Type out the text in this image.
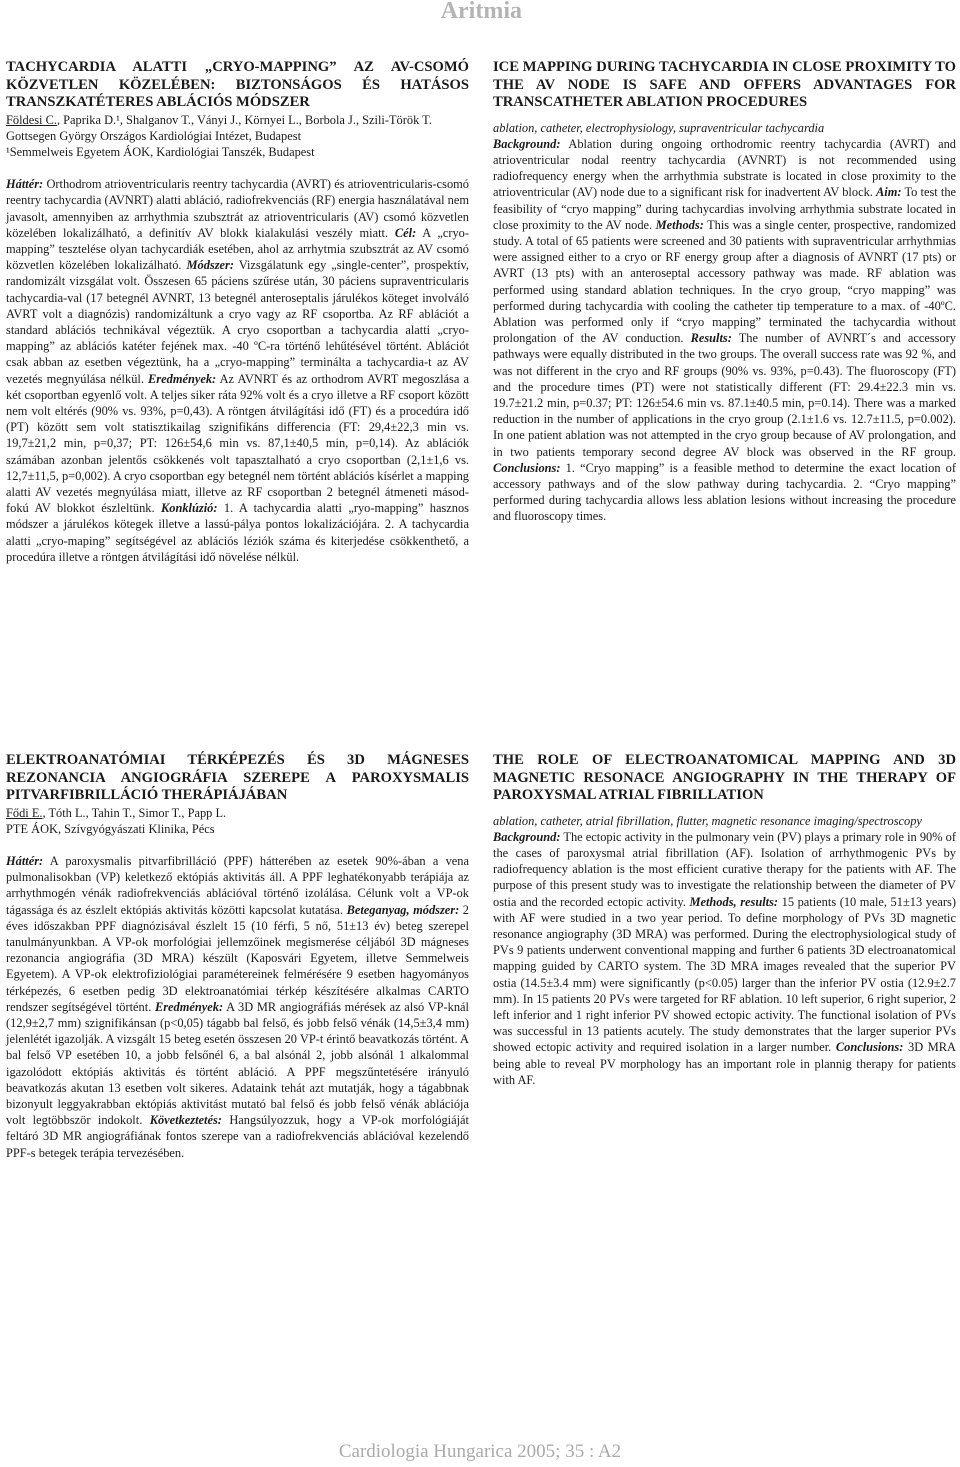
Aritmia

TACHYCARDIA ALATTI „CRYO-MAPPING” AZ AV-CSOMÓ KÖZVETLEN KÖZELÉBEN: BIZTONSÁGOS ÉS HATÁSOS TRANSZKATÉTERES ABLÁCIÓS MÓDSZER

Földesi C., Paprika D.¹, Shalganov T., Ványi J., Környei L., Borbola J., Szili-Török T.

Gottsegen György Országos Kardiológiai Intézet, Budapest

¹Semmelweis Egyetem ÁOK, Kardiológiai Tanszék, Budapest

Háttér: Orthodrom atrioventricularis reentry tachycardia (AVRT) és atrioventricularis-csomó reentry tachycardia (AVNRT) alatti abláció, radiofrekvenciás (RF) energia használatával nem javasolt, amennyiben az arrhythmia szubsztrát az atrioventricularis (AV) csomó közvetlen közelében lokalizálható, a definitív AV blokk kialakulási veszély miatt. Cél: A „cryo-mapping” tesztelése olyan tachycardiák esetében, ahol az arrhytmia szubsztrát az AV csomó közvetlen közelében lokalizálható. Módszer: Vizsgálatunk egy „single-center”, prospektív, randomizált vizsgálat volt. Összesen 65 páciens szűrése után, 30 páciens supraventricularis tachycardia-val (17 betegnél AVNRT, 13 betegnél anteroseptalis járulékos köteget involváló AVRT volt a diagnózis) randomizáltunk a cryo vagy az RF csoportba. Az RF ablációt a standard ablációs technikával végeztük. A cryo csoportban a tachycardia alatti „cryo-mapping” az ablációs katéter fejének max. -40 ºC-ra történő lehűtésével történt. Ablációt csak abban az esetben végeztünk, ha a „cryo-mapping” terminálta a tachycardia-t az AV vezetés megnyúlása nélkül. Eredmények: Az AVNRT és az orthodrom AVRT megoszlása a két csoportban egyenlő volt. A teljes siker ráta 92% volt és a cryo illetve a RF csoport között nem volt eltérés (90% vs. 93%, p=0,43). A röntgen átvilágítási idő (FT) és a procedúra idő (PT) között sem volt statisztikailag szignifikáns differencia (FT: 29,4±22,3 min vs. 19,7±21,2 min, p=0,37; PT: 126±54,6 min vs. 87,1±40,5 min, p=0,14). Az ablációk számában azonban jelentős csökkenés volt tapasztalható a cryo csoportban (2,1±1,6 vs. 12,7±11,5, p=0,002). A cryo csoportban egy betegnél nem történt ablációs kísérlet a mapping alatti AV vezetés megnyúlása miatt, illetve az RF csoportban 2 betegnél átmeneti másod-fokú AV blokkot észleltünk. Konklúzió: 1. A tachycardia alatti „ryo-mapping” hasznos módszer a járulékos kötegek illetve a lassú-pálya pontos lokalizációjára. 2. A tachycardia alatti „cryo-maping” segítségével az ablációs léziók száma és kiterjedése csökkenthető, a procedúra illetve a röntgen átvilágítási idő növelése nélkül.

ICE MAPPING DURING TACHYCARDIA IN CLOSE PROXIMITY TO THE AV NODE IS SAFE AND OFFERS ADVANTAGES FOR TRANSCATHETER ABLATION PROCEDURES

ablation, catheter, electrophysiology, supraventricular tachycardia

Background: Ablation during ongoing orthodromic reentry tachycardia (AVRT) and atrioventricular nodal reentry tachycardia (AVNRT) is not recommended using radiofrequency energy when the arrhythmia substrate is located in close proximity to the atrioventricular (AV) node due to a significant risk for inadvertent AV block. Aim: To test the feasibility of “cryo mapping” during tachycardias involving arrhythmia substrate located in close proximity to the AV node. Methods: This was a single center, prospective, randomized study. A total of 65 patients were screened and 30 patients with supraventricular arrhythmias were assigned either to a cryo or RF energy group after a diagnosis of AVNRT (17 pts) or AVRT (13 pts) with an anteroseptal accessory pathway was made. RF ablation was performed using standard ablation techniques. In the cryo group, “cryo mapping” was performed during tachycardia with cooling the catheter tip temperature to a max. of -40ºC. Ablation was performed only if “cryo mapping” terminated the tachycardia without prolongation of the AV conduction. Results: The number of AVNRT´s and accessory pathways were equally distributed in the two groups. The overall success rate was 92 %, and was not different in the cryo and RF groups (90% vs. 93%, p=0.43). The fluoroscopy (FT) and the procedure times (PT) were not statistically different (FT: 29.4±22.3 min vs. 19.7±21.2 min, p=0.37; PT: 126±54.6 min vs. 87.1±40.5 min, p=0.14). There was a marked reduction in the number of applications in the cryo group (2.1±1.6 vs. 12.7±11.5, p=0.002). In one patient ablation was not attempted in the cryo group because of AV prolongation, and in two patients temporary second degree AV block was observed in the RF group. Conclusions: 1. “Cryo mapping” is a feasible method to determine the exact location of accessory pathways and of the slow pathway during tachycardia. 2. “Cryo mapping” performed during tachycardia allows less ablation lesions without increasing the procedure and fluoroscopy times.

ELEKTROANATÓMIAI TÉRKÉPEZÉS ÉS 3D MÁGNESES REZONANCIA ANGIOGRÁFIA SZEREPE A PAROXYSMALIS PITVARFIBRILLÁCIÓ THERÁPIÁJÁBAN

Fődi E., Tóth L., Tahin T., Simor T., Papp L.

PTE ÁOK, Szívgyógyászati Klinika, Pécs

Háttér: A paroxysmalis pitvarfibrilláció (PPF) hátterében az esetek 90%-ában a vena pulmonalisokban (VP) keletkező ektópiás aktivitás áll. A PPF leghatékonyabb terápiája az arrhythmogén vénák radiofrekvenciás ablációval történő izolálása. Célunk volt a VP-ok tágassága és az észlelt ektópiás aktivitás közötti kapcsolat kutatása. Beteganyag, módszer: 2 éves időszakban PPF diagnózisával észlelt 15 (10 férfi, 5 nő, 51±13 év) beteg szerepel tanulmányunkban. A VP-ok morfológiai jellemzőinek megismerése céljából 3D mágneses rezonancia angiográfia (3D MRA) készült (Kaposvári Egyetem, illetve Semmelweis Egyetem). A VP-ok elektrofiziológiai paramétereinek felmérésére 9 esetben hagyományos térképezés, 6 esetben pedig 3D elektroanatómiai térkép készítésére alkalmas CARTO rendszer segítségével történt. Eredmények: A 3D MR angiográfiás mérések az alsó VP-knál (12,9±2,7 mm) szignifikánsan (p<0,05) tágabb bal felső, és jobb felső vénák (14,5±3,4 mm) jelenlétét igazolják. A vizsgált 15 beteg esetén összesen 20 VP-t érintő beavatkozás történt. A bal felső VP esetében 10, a jobb felsőnél 6, a bal alsónál 2, jobb alsónál 1 alkalommal igazolódott ektópiás aktivitás és történt abláció. A PPF megszűntetésére irányuló beavatkozás akutan 13 esetben volt sikeres. Adataink tehát azt mutatják, hogy a tágabbnak bizonyult leggyakrabban ektópiás aktivitást mutató bal felső és jobb felső vénák ablációja volt legtöbbször indokolt. Következtetés: Hangsúlyozzuk, hogy a VP-ok morfológiáját feltáró 3D MR angiográfiának fontos szerepe van a radiofrekvenciás ablációval kezelendő PPF-s betegek terápia tervezésében.

THE ROLE OF ELECTROANATOMICAL MAPPING AND 3D MAGNETIC RESONACE ANGIOGRAPHY IN THE THERAPY OF PAROXYSMAL ATRIAL FIBRILLATION

ablation, catheter, atrial fibrillation, flutter, magnetic resonance imaging/spectroscopy

Background: The ectopic activity in the pulmonary vein (PV) plays a primary role in 90% of the cases of paroxysmal atrial fibrillation (AF). Isolation of arrhythmogenic PVs by radiofrequency ablation is the most efficient curative therapy for the patients with AF. The purpose of this present study was to investigate the relationship between the diameter of PV ostia and the recorded ectopic activity. Methods, results: 15 patients (10 male, 51±13 years) with AF were studied in a two year period. To define morphology of PVs 3D magnetic resonance angiography (3D MRA) was performed. During the electrophysiological study of PVs 9 patients underwent conventional mapping and further 6 patients 3D electroanatomical mapping guided by CARTO system. The 3D MRA images revealed that the superior PV ostia (14.5±3.4 mm) were significantly (p<0.05) larger than the inferior PV ostia (12.9±2.7 mm). In 15 patients 20 PVs were targeted for RF ablation. 10 left superior, 6 right superior, 2 left inferior and 1 right inferior PV showed ectopic activity. The functional isolation of PVs was successful in 13 patients acutely. The study demonstrates that the larger superior PVs showed ectopic activity and required isolation in a larger number. Conclusions: 3D MRA being able to reveal PV morphology has an important role in plannig therapy for patients with AF.

Cardiologia Hungarica 2005; 35 : A2
